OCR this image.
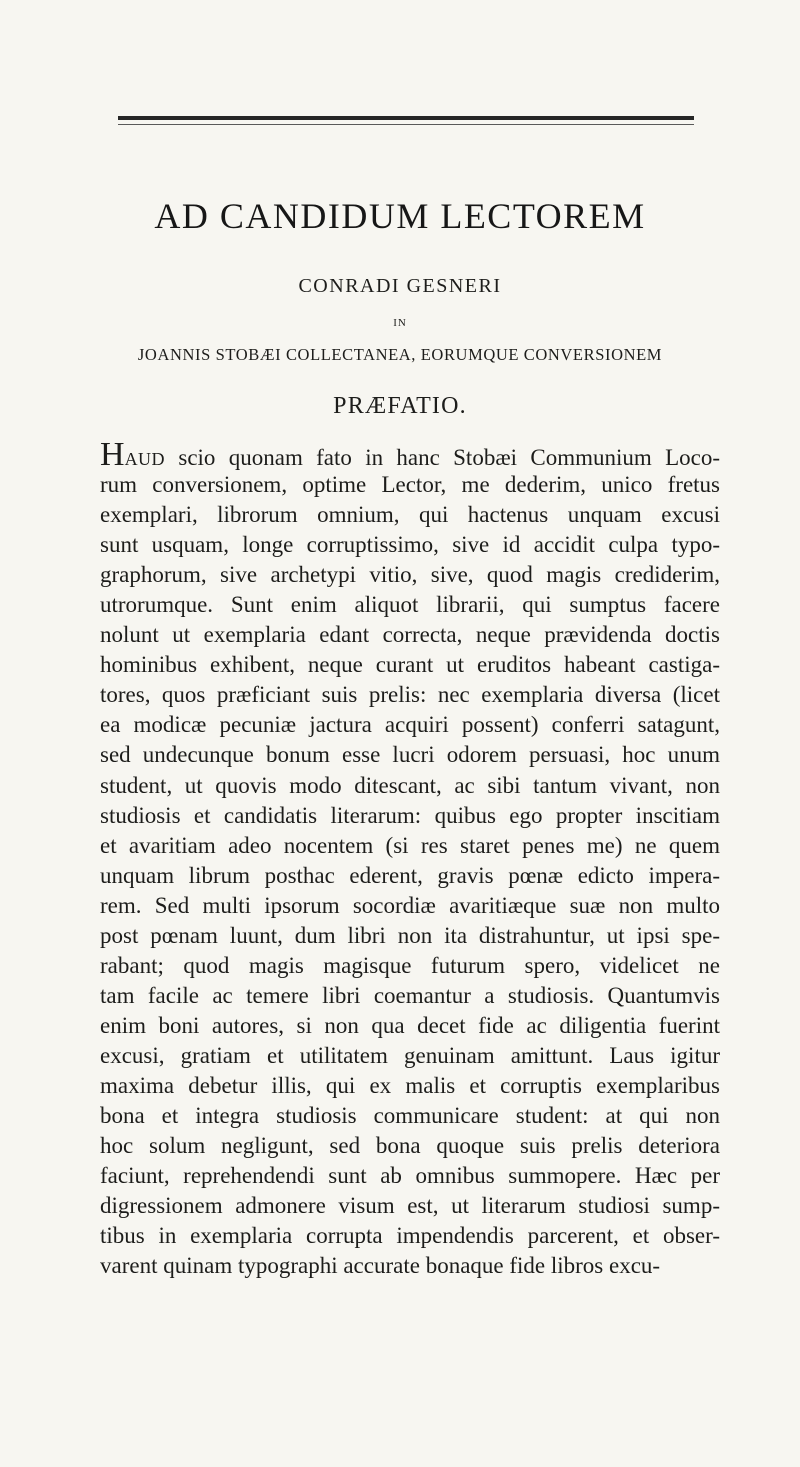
AD CANDIDUM LECTOREM
CONRADI GESNERI
IN
JOANNIS STOBÆI COLLECTANEA, EORUMQUE CONVERSIONEM
PRÆFATIO.
HAUD scio quonam fato in hanc Stobæi Communium Loco-
rum conversionem, optime Lector, me dederim, unico fretus
exemplari, librorum omnium, qui hactenus unquam excusi
sunt usquam, longe corruptissimo, sive id accidit culpa typo-
graphorum, sive archetypi vitio, sive, quod magis crediderim,
utrorumque. Sunt enim aliquot librarii, qui sumptus facere
nolunt ut exemplaria edant correcta, neque prævidenda doctis
hominibus exhibent, neque curant ut eruditos habeant castiga-
tores, quos præficiant suis prelis: nec exemplaria diversa (licet
ea modicæ pecuniæ jactura acquiri possent) conferri satagunt,
sed undecunque bonum esse lucri odorem persuasi, hoc unum
student, ut quovis modo ditescant, ac sibi tantum vivant, non
studiosis et candidatis literarum: quibus ego propter inscitiam
et avaritiam adeo nocentem (si res staret penes me) ne quem
unquam librum posthac ederent, gravis pœnæ edicto impera-
rem. Sed multi ipsorum socordiæ avaritiæque suæ non multo
post pœnam luunt, dum libri non ita distrahuntur, ut ipsi spe-
rabant; quod magis magisque futurum spero, videlicet ne
tam facile ac temere libri coemantur a studiosis. Quantumvis
enim boni autores, si non qua decet fide ac diligentia fuerint
excusi, gratiam et utilitatem genuinam amittunt. Laus igitur
maxima debetur illis, qui ex malis et corruptis exemplaribus
bona et integra studiosis communicare student: at qui non
hoc solum negligunt, sed bona quoque suis prelis deteriora
faciunt, reprehendendi sunt ab omnibus summopere. Hæc per
digressionem admonere visum est, ut literarum studiosi sump-
tibus in exemplaria corrupta impendendis parcerent, et obser-
varent quinam typographi accurate bonaque fide libros excu-
